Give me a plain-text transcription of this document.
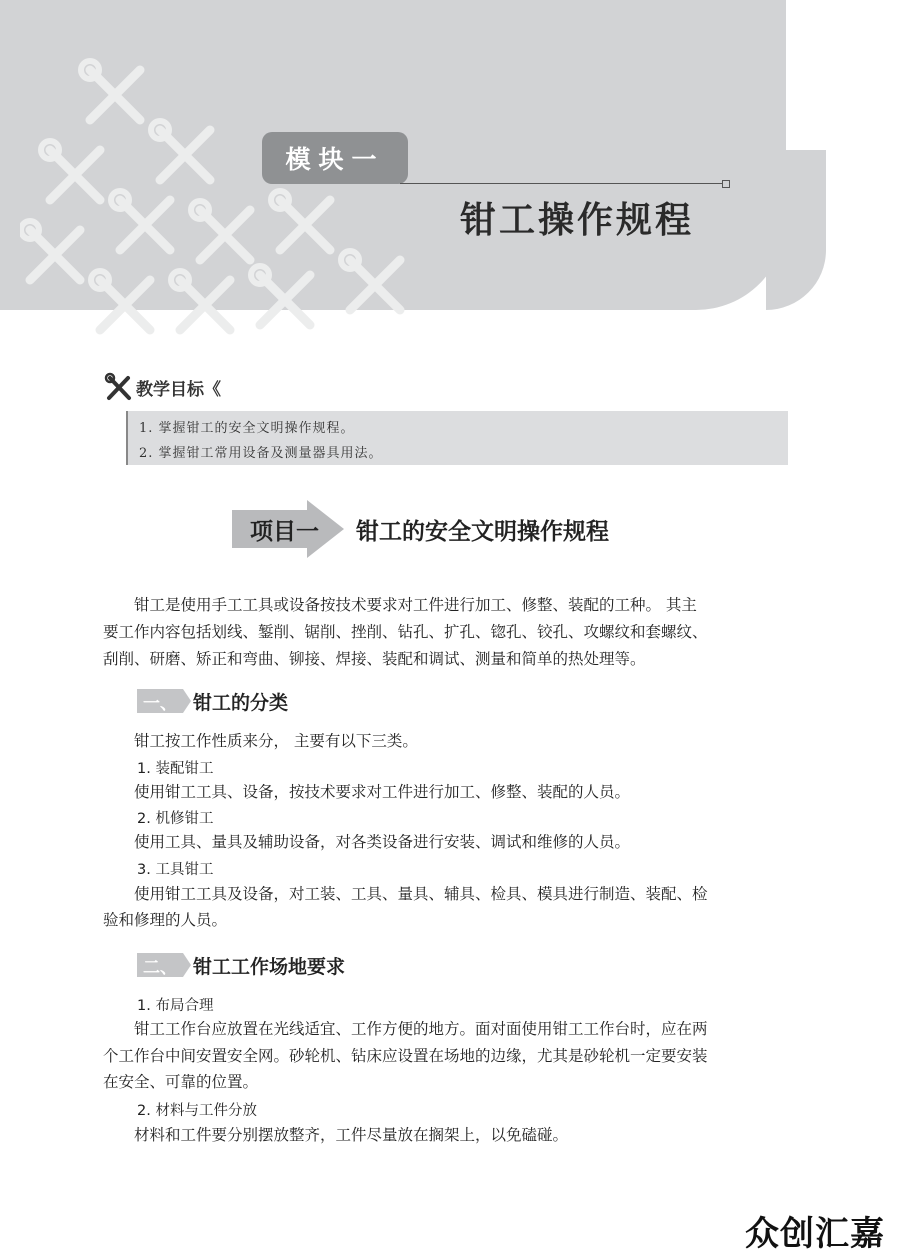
模块一
钳工操作规程
教学目标《
1. 掌握钳工的安全文明操作规程。
2. 掌握钳工常用设备及测量器具用法。
项目一	钳工的安全文明操作规程
钳工是使用手工工具或设备按技术要求对工件进行加工、修整、装配的工种。 其主
要工作内容包括划线、錾削、锯削、挫削、钻孔、扩孔、锪孔、铰孔、攻螺纹和套螺纹、
刮削、研磨、矫正和弯曲、铆接、焊接、装配和调试、测量和简单的热处理等。
一、 钳工的分类
钳工按工作性质来分， 主要有以下三类。
1. 装配钳工
使用钳工工具、设备，按技术要求对工件进行加工、修整、装配的人员。
2. 机修钳工
使用工具、量具及辅助设备，对各类设备进行安装、调试和维修的人员。
3. 工具钳工
使用钳工工具及设备，对工装、工具、量具、辅具、检具、模具进行制造、装配、检
验和修理的人员。
二、 钳工工作场地要求
1. 布局合理
钳工工作台应放置在光线适宜、工作方便的地方。面对面使用钳工工作台时，应在两
个工作台中间安置安全网。砂轮机、钻床应设置在场地的边缘，尤其是砂轮机一定要安装
在安全、可靠的位置。
2. 材料与工件分放
材料和工件要分别摆放整齐，工件尽量放在搁架上，以免磕碰。
众创汇嘉
